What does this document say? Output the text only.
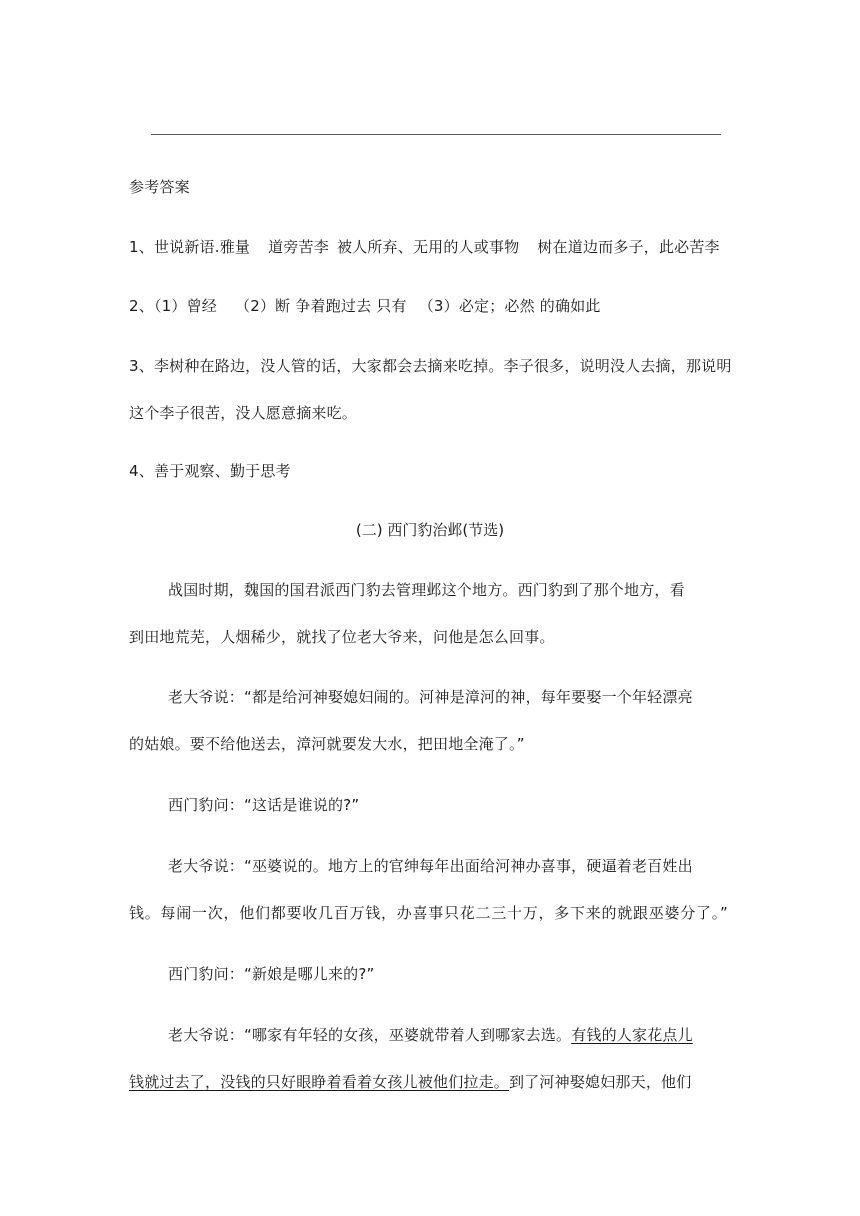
参考答案
1、世说新语.雅量 道旁苦李 被人所弃、无用的人或事物 树在道边而多子，此必苦李
2、（1）曾经 （2）断 争着跑过去 只有 （3）必定；必然 的确如此
3、李树种在路边，没人管的话，大家都会去摘来吃掉。李子很多，说明没人去摘，那说明
这个李子很苦，没人愿意摘来吃。
4、善于观察、勤于思考
(二) 西门豹治邺(节选)
战国时期，魏国的国君派西门豹去管理邺这个地方。西门豹到了那个地方，看
到田地荒芜，人烟稀少，就找了位老大爷来，问他是怎么回事。
老大爷说：“都是给河神娶媳妇闹的。河神是漳河的神，每年要娶一个年轻漂亮
的姑娘。要不给他送去，漳河就要发大水，把田地全淹了。”
西门豹问：“这话是谁说的?”
老大爷说：“巫婆说的。地方上的官绅每年出面给河神办喜事，硬逼着老百姓出
钱。每闹一次，他们都要收几百万钱，办喜事只花二三十万，多下来的就跟巫婆分了。”
西门豹问：“新娘是哪儿来的?”
老大爷说：“哪家有年轻的女孩，巫婆就带着人到哪家去选。有钱的人家花点儿
钱就过去了，没钱的只好眼睁着看着女孩儿被他们拉走。到了河神娶媳妇那天，他们
